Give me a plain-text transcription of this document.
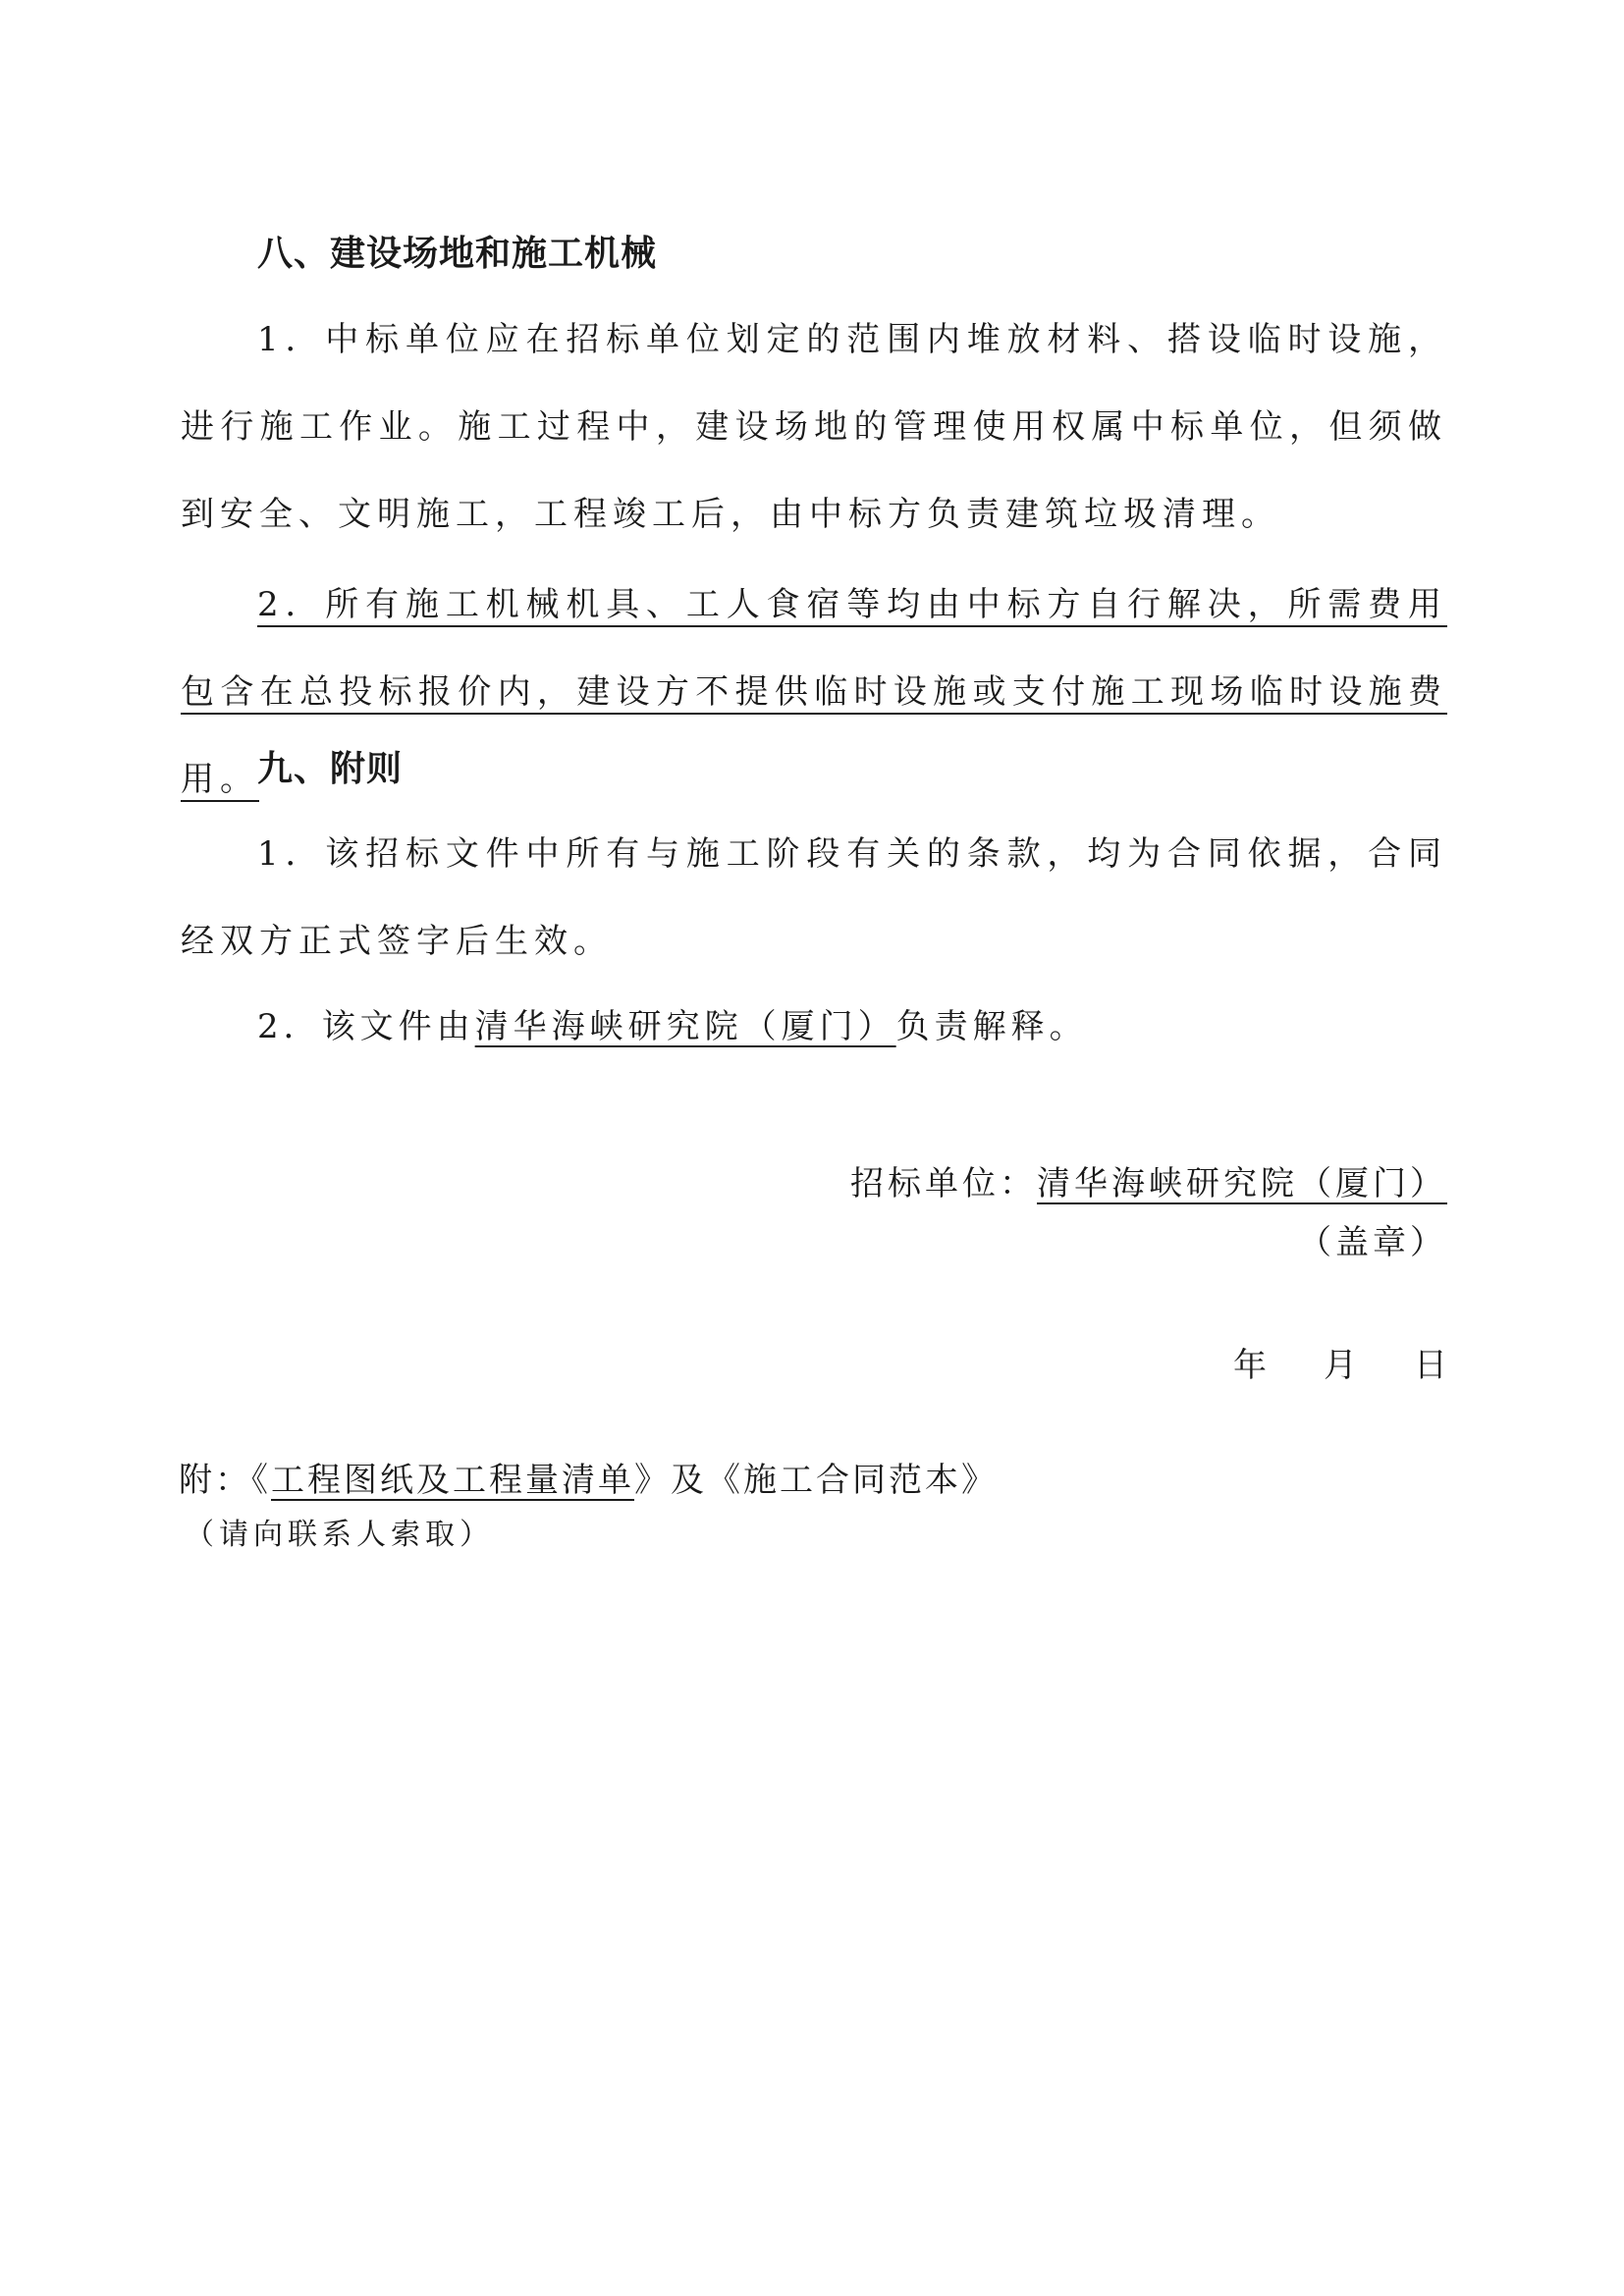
八、建设场地和施工机械
1．中标单位应在招标单位划定的范围内堆放材料、搭设临时设施，进行施工作业。施工过程中，建设场地的管理使用权属中标单位，但须做到安全、文明施工，工程竣工后，由中标方负责建筑垃圾清理。
2．所有施工机械机具、工人食宿等均由中标方自行解决，所需费用包含在总投标报价内，建设方不提供临时设施或支付施工现场临时设施费用。
九、附则
1．该招标文件中所有与施工阶段有关的条款，均为合同依据，合同经双方正式签字后生效。
2．该文件由清华海峡研究院（厦门）负责解释。
招标单位：清华海峡研究院（厦门）
（盖章）
年 月 日
附：《工程图纸及工程量清单》及《施工合同范本》
（请向联系人索取）
